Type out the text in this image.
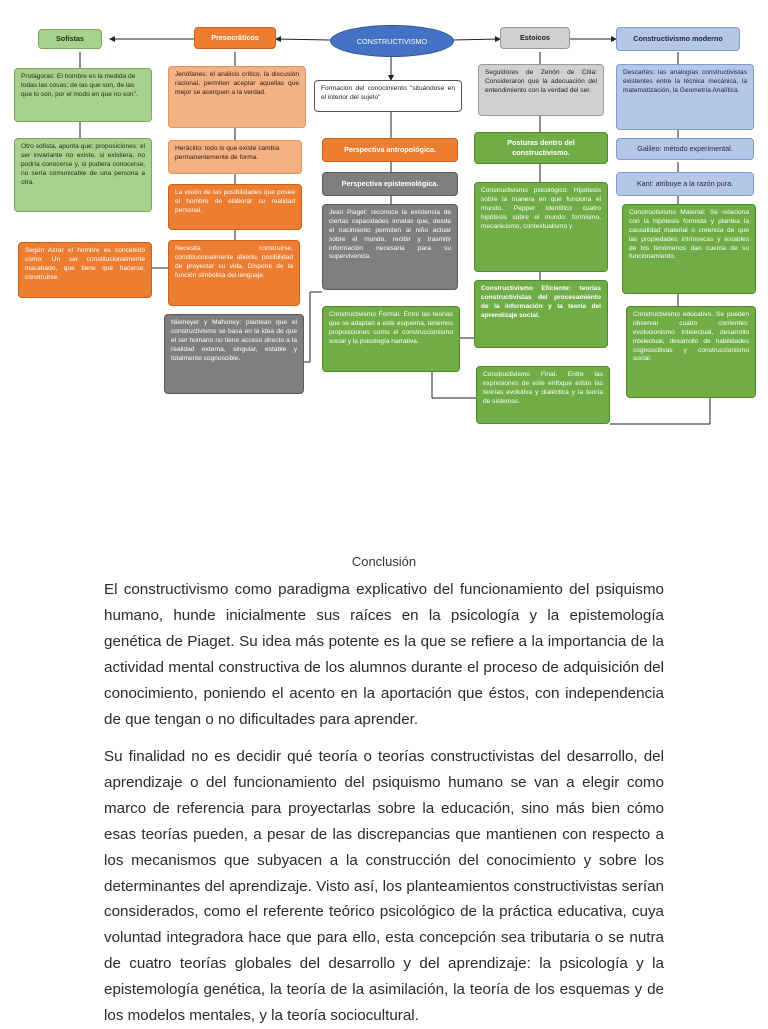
CONSTRUCTIVISMO
Sofistas
Protágoras: El hombre es la medida de todas las cosas; de las que son, de las que lo son, por el modo en que no son".
Otro sofista, apunta que: proposiciones: el ser invariante no existe, si existiera, no podría conocerse y, si pudiera conocerse, no sería comunicable de una persona a otra.
Presocráticos
Jenófanes: el análisis crítico, la discusión racional, permiten aceptar aquellas que mejor se acerquen a la verdad.
Heráclito: todo lo que existe cambia permanentemente de forma.
La visión de las posibilidades que posee el hombre de elaborar su realidad personal.
Necesita construirse, constitucionalmente abierto, posibilidad de proyectar su vida, Dispone de la función simbólica del lenguaje.
Según Azrar el hombre es concebido como: Un ser constitucionalmente inacabado, que tiene que hacerse, construirse.
Formación del conocimiento "situándose en el interior del sujeto"
Perspectiva antropológica.
Perspectiva epistemológica.
Jean Piaget: reconoce la existencia de ciertas capacidades innatas que, desde el nacimiento permiten al niño actuar sobre el mundo, recibir y trasmitir información necesaria para su supervivencia.
Niemeyer y Mahoney: plantean que el constructivismo se basa en la idea de que el ser humano no tiene acceso directo a la realidad externa, singular, estable y totalmente cognoscible.
Estoicos
Seguidores de Zenón de Citia: Consideraron que la adecuación del entendimiento con la verdad del ser.
Posturas dentro del constructivismo.
Constructivismo psicológico: Hipótesis sobre la manera en que funciona el mundo. Pepper identificó cuatro hipótesis sobre el mundo: formismo, mecanicismo, contextualismo y
Constructivismo Eficiente: teorías constructivistas del procesamiento de la información y la teoría del aprendizaje social.
Constructivismo Formal. Entre las teorías que se adaptan a este esquema, tenemos proposiciones como el construccionismo social y la psicología narrativa.
Constructivismo Final. Entre las expresiones de este enfoque están las teorías evolutiva y dialéctica y la teoría de sistemas.
Constructivismo moderno
Descartes: las analogías constructivistas existentes entre la técnica mecánica, la matematización, la Geometría Analítica.
Galileo: método experimental.
Kant: atribuye a la razón pura.
Constructivismo Material: Se relaciona con la hipótesis formista y plantea la causalidad material o creencia de que las propiedades intrínsecas y estables de los fenómenos dan cuenta de su funcionamiento.
Constructivismo educativo. Se pueden observar cuatro corrientes: evolucionismo intelectual, desarrollo intelectual, desarrollo de habilidades cognoscitivas y construccionismo social.
Conclusión

El constructivismo como paradigma explicativo del funcionamiento del psiquismo humano, hunde inicialmente sus raíces en la psicología y la epistemología genética de Piaget. Su idea más potente es la que se refiere a la importancia de la actividad mental constructiva de los alumnos durante el proceso de adquisición del conocimiento, poniendo el acento en la aportación que éstos, con independencia de que tengan o no dificultades para aprender.

Su finalidad no es decidir qué teoría o teorías constructivistas del desarrollo, del aprendizaje o del funcionamiento del psiquismo humano se van a elegir como marco de referencia para proyectarlas sobre la educación, sino más bien cómo esas teorías pueden, a pesar de las discrepancias que mantienen con respecto a los mecanismos que subyacen a la construcción del conocimiento y sobre los determinantes del aprendizaje. Visto así, los planteamientos constructivistas serían considerados, como el referente teórico psicológico de la práctica educativa, cuya voluntad integradora hace que para ello, esta concepción sea tributaria o se nutra de cuatro teorías globales del desarrollo y del aprendizaje: la psicología y la epistemología genética, la teoría de la asimilación, la teoría de los esquemas y de los modelos mentales, y la teoría sociocultural.
